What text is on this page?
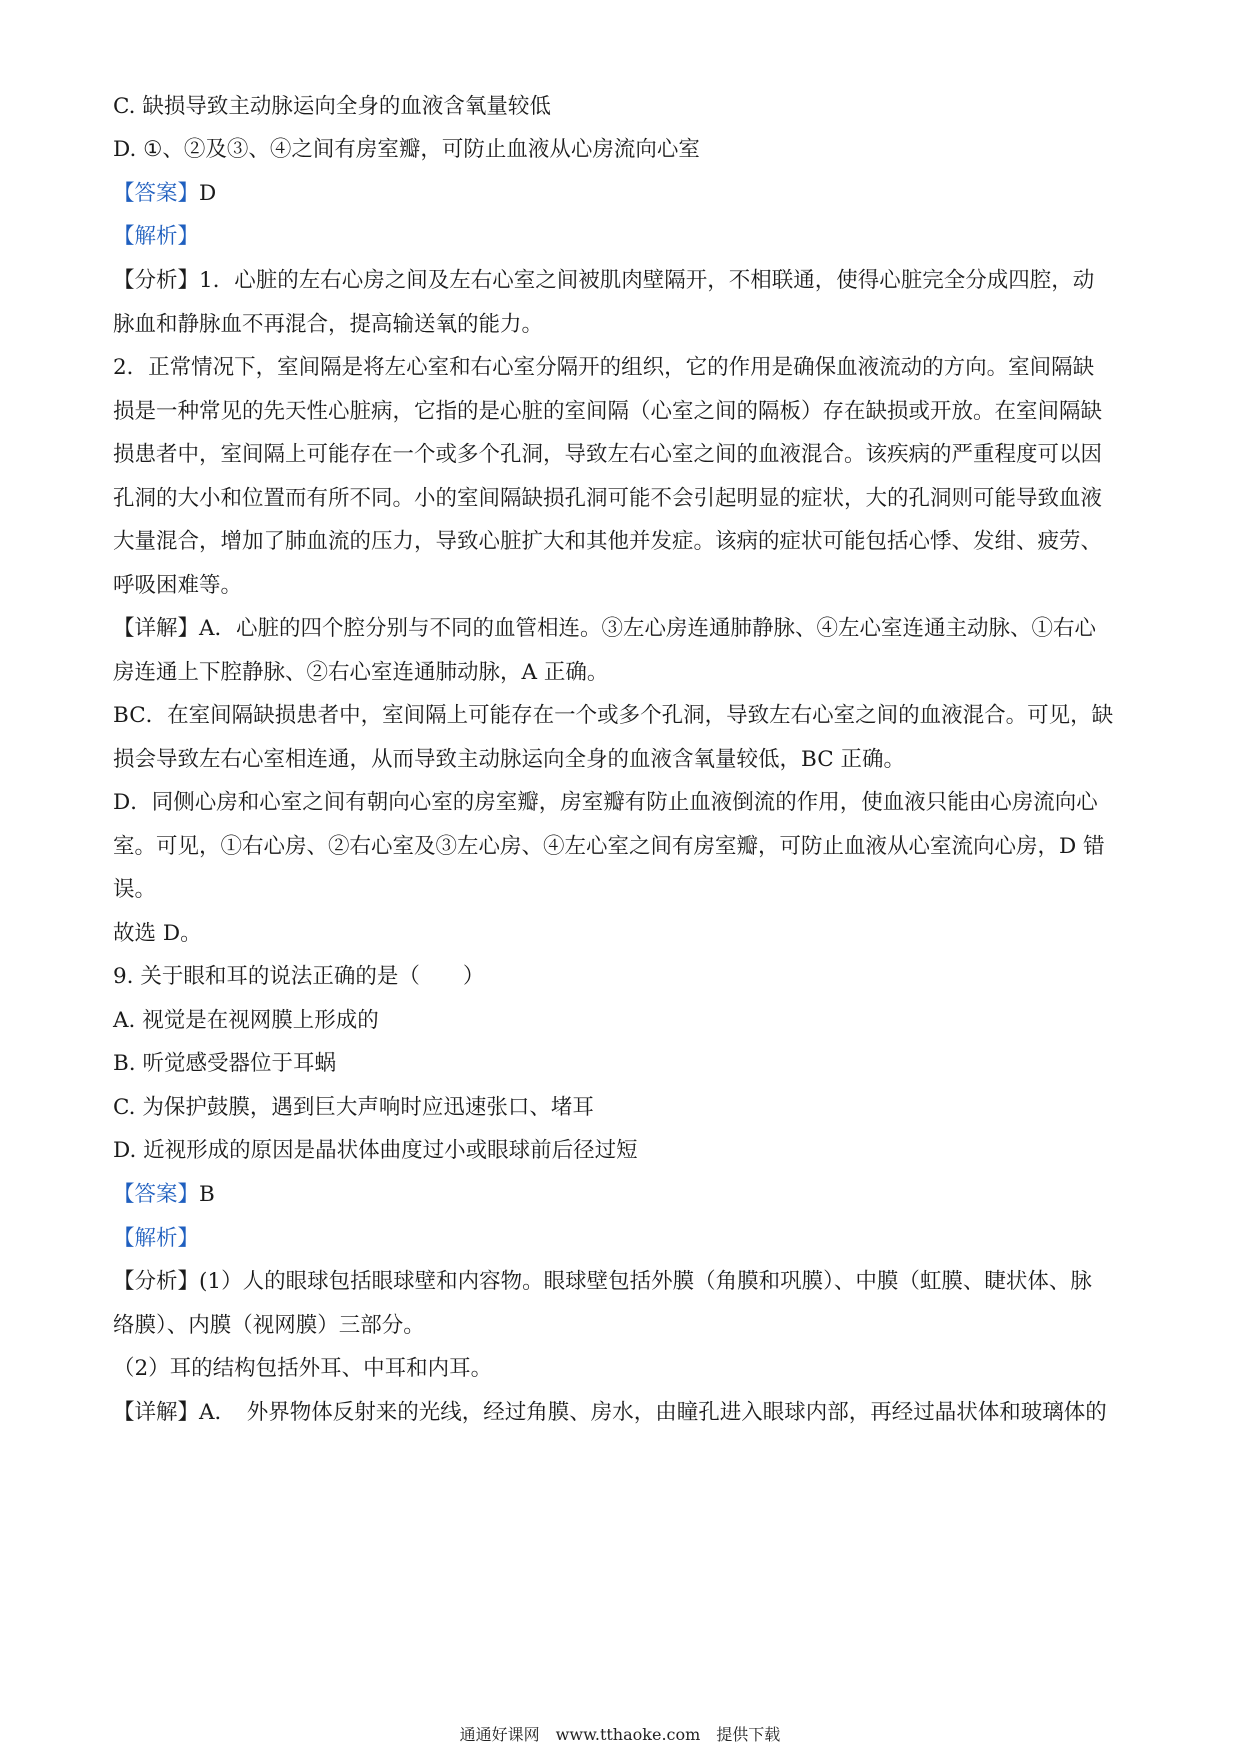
C. 缺损导致主动脉运向全身的血液含氧量较低
D. ①、②及③、④之间有房室瓣，可防止血液从心房流向心室
【答案】D
【解析】
【分析】1．心脏的左右心房之间及左右心室之间被肌肉壁隔开，不相联通，使得心脏完全分成四腔，动
脉血和静脉血不再混合，提高输送氧的能力。
2．正常情况下，室间隔是将左心室和右心室分隔开的组织，它的作用是确保血液流动的方向。室间隔缺
损是一种常见的先天性心脏病，它指的是心脏的室间隔（心室之间的隔板）存在缺损或开放。在室间隔缺
损患者中，室间隔上可能存在一个或多个孔洞，导致左右心室之间的血液混合。该疾病的严重程度可以因
孔洞的大小和位置而有所不同。小的室间隔缺损孔洞可能不会引起明显的症状，大的孔洞则可能导致血液
大量混合，增加了肺血流的压力，导致心脏扩大和其他并发症。该病的症状可能包括心悸、发绀、疲劳、
呼吸困难等。
【详解】A．心脏的四个腔分别与不同的血管相连。③左心房连通肺静脉、④左心室连通主动脉、①右心
房连通上下腔静脉、②右心室连通肺动脉，A 正确。
BC．在室间隔缺损患者中，室间隔上可能存在一个或多个孔洞，导致左右心室之间的血液混合。可见，缺
损会导致左右心室相连通，从而导致主动脉运向全身的血液含氧量较低，BC 正确。
D．同侧心房和心室之间有朝向心室的房室瓣，房室瓣有防止血液倒流的作用，使血液只能由心房流向心
室。可见，①右心房、②右心室及③左心房、④左心室之间有房室瓣，可防止血液从心室流向心房，D 错
误。
故选 D。
9. 关于眼和耳的说法正确的是（　　）
A. 视觉是在视网膜上形成的
B. 听觉感受器位于耳蜗
C. 为保护鼓膜，遇到巨大声响时应迅速张口、堵耳
D. 近视形成的原因是晶状体曲度过小或眼球前后径过短
【答案】B
【解析】
【分析】(1）人的眼球包括眼球壁和内容物。眼球壁包括外膜（角膜和巩膜）、中膜（虹膜、睫状体、脉
络膜）、内膜（视网膜）三部分。
（2）耳的结构包括外耳、中耳和内耳。
【详解】A．　外界物体反射来的光线，经过角膜、房水，由瞳孔进入眼球内部，再经过晶状体和玻璃体的
通通好课网　www.tthaoke.com　提供下载
